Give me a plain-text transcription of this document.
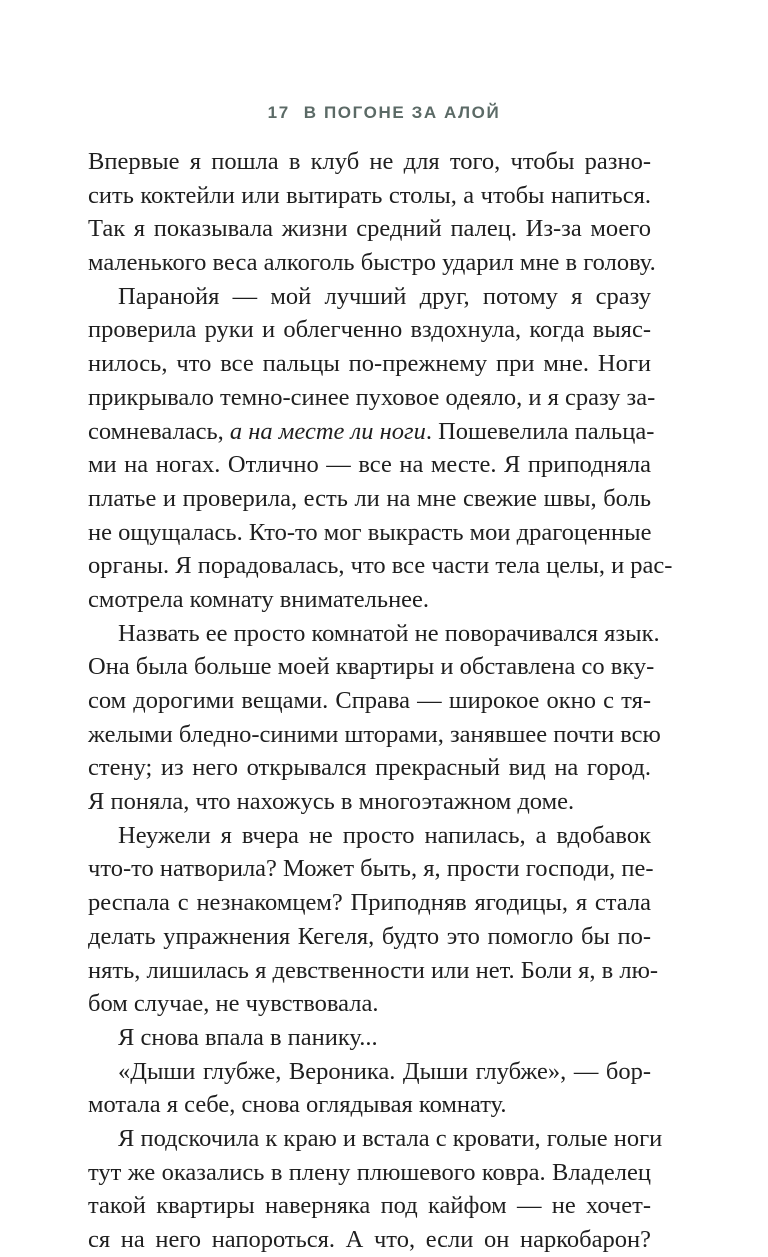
17 В ПОГОНЕ ЗА АЛОЙ
Впервые я пошла в клуб не для того, чтобы разно-
сить коктейли или вытирать столы, а чтобы напиться.
Так я показывала жизни средний палец. Из-за моего
маленького веса алкоголь быстро ударил мне в голову.
Паранойя — мой лучший друг, потому я сразу
проверила руки и облегченно вздохнула, когда выяс-
нилось, что все пальцы по-прежнему при мне. Ноги
прикрывало темно-синее пуховое одеяло, и я сразу за-
сомневалась, а на месте ли ноги. Пошевелила пальца-
ми на ногах. Отлично — все на месте. Я приподняла
платье и проверила, есть ли на мне свежие швы, боль
не ощущалась. Кто-то мог выкрасть мои драгоценные
органы. Я порадовалась, что все части тела целы, и рас-
смотрела комнату внимательнее.
Назвать ее просто комнатой не поворачивался язык.
Она была больше моей квартиры и обставлена со вку-
сом дорогими вещами. Справа — широкое окно с тя-
желыми бледно-синими шторами, занявшее почти всю
стену; из него открывался прекрасный вид на город.
Я поняла, что нахожусь в многоэтажном доме.
Неужели я вчера не просто напилась, а вдобавок
что-то натворила? Может быть, я, прости господи, пе-
респала с незнакомцем? Приподняв ягодицы, я стала
делать упражнения Кегеля, будто это помогло бы по-
нять, лишилась я девственности или нет. Боли я, в лю-
бом случае, не чувствовала.
Я снова впала в панику...
«Дыши глубже, Вероника. Дыши глубже», — бор-
мотала я себе, снова оглядывая комнату.
Я подскочила к краю и встала с кровати, голые ноги
тут же оказались в плену плюшевого ковра. Владелец
такой квартиры наверняка под кайфом — не хочет-
ся на него напороться. А что, если он наркобарон?
